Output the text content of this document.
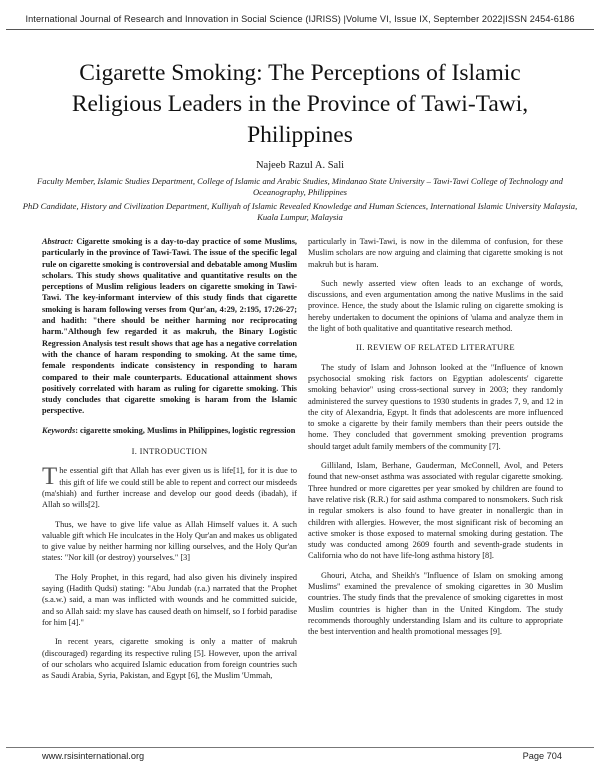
International Journal of Research and Innovation in Social Science (IJRISS) |Volume VI, Issue IX, September 2022|ISSN 2454-6186
Cigarette Smoking: The Perceptions of Islamic Religious Leaders in the Province of Tawi-Tawi, Philippines
Najeeb Razul A. Sali
Faculty Member, Islamic Studies Department, College of Islamic and Arabic Studies, Mindanao State University – Tawi-Tawi College of Technology and Oceanography, Philippines
PhD Candidate, History and Civilization Department, Kulliyah of Islamic Revealed Knowledge and Human Sciences, International Islamic University Malaysia, Kuala Lumpur, Malaysia

Abstract: Cigarette smoking is a day-to-day practice of some Muslims, particularly in the province of Tawi-Tawi. The issue of the specific legal rule on cigarette smoking is controversial and debatable among Muslim scholars. This study shows qualitative and quantitative results on the perceptions of Muslim religious leaders on cigarette smoking in Tawi-Tawi. The key-informant interview of this study finds that cigarette smoking is haram following verses from Qur'an, 4:29, 2:195, 17:26-27; and hadith: "there should be neither harming nor reciprocating harm."Although few regarded it as makruh, the Binary Logistic Regression Analysis test result shows that age has a negative correlation with the chance of haram responding to smoking. At the same time, female respondents indicate consistency in responding to haram compared to their male counterparts. Educational attainment shows positively correlated with haram as ruling for cigarette smoking. This study concludes that cigarette smoking is haram from the Islamic perspective.

Keywords: cigarette smoking, Muslims in Philippines, logistic regression

I. INTRODUCTION

The essential gift that Allah has ever given us is life[1], for it is due to this gift of life we could still be able to repent and correct our misdeeds (ma'shiah) and further increase and develop our good deeds (ibadah), if Allah so wills[2].

Thus, we have to give life value as Allah Himself values it. A such valuable gift which He inculcates in the Holy Qur'an and makes us obligated to give value by neither harming nor killing ourselves, and the Holy Qur'an states: "Nor kill (or destroy) yourselves." [3]

The Holy Prophet, in this regard, had also given his divinely inspired saying (Hadith Qudsi) stating: "Abu Jundab (r.a.) narrated that the Prophet (s.a.w.) said, a man was inflicted with wounds and he committed suicide, and so Allah said: my slave has caused death on himself, so I forbid paradise for him [4]."

In recent years, cigarette smoking is only a matter of makruh (discouraged) regarding its respective ruling [5]. However, upon the arrival of our scholars who acquired Islamic education from foreign countries such as Saudi Arabia, Syria, Pakistan, and Egypt [6], the Muslim 'Ummah,

particularly in Tawi-Tawi, is now in the dilemma of confusion, for these Muslim scholars are now arguing and claiming that cigarette smoking is not makruh but is haram.

Such newly asserted view often leads to an exchange of words, discussions, and even argumentation among the native Muslims in the said province. Hence, the study about the Islamic ruling on cigarette smoking is hereby undertaken to document the opinions of 'ulama and analyze them in the light of both qualitative and quantitative research method.

II. REVIEW OF RELATED LITERATURE

The study of Islam and Johnson looked at the "Influence of known psychosocial smoking risk factors on Egyptian adolescents' cigarette smoking behavior" using cross-sectional survey in 2003; they randomly administered the survey questions to 1930 students in grades 7, 9, and 12 in the city of Alexandria, Egypt. It finds that adolescents are more influenced to smoke a cigarette by their family members than their peers outside the home. They concluded that government smoking prevention programs should target adult family members of the community [7].

Gilliland, Islam, Berhane, Gauderman, McConnell, Avol, and Peters found that new-onset asthma was associated with regular cigarette smoking. Three hundred or more cigarettes per year smoked by children are found to have relative risk (R.R.) for said asthma compared to nonsmokers. Such risk in regular smokers is also found to have greater in nonallergic than in children with allergies. However, the most significant risk of becoming an active smoker is those exposed to maternal smoking during gestation. The study was conducted among 2609 fourth and seventh-grade students in California who do not have life-long asthma history [8].

Ghouri, Atcha, and Sheikh's "Influence of Islam on smoking among Muslims" examined the prevalence of smoking cigarettes in 30 Muslim countries. The study finds that the prevalence of smoking cigarettes in most Muslim countries is higher than in the United Kingdom. The study recommends thoroughly understanding Islam and its culture to appropriate the best intervention and health promotional messages [9].

www.rsisinternational.org	Page 704
